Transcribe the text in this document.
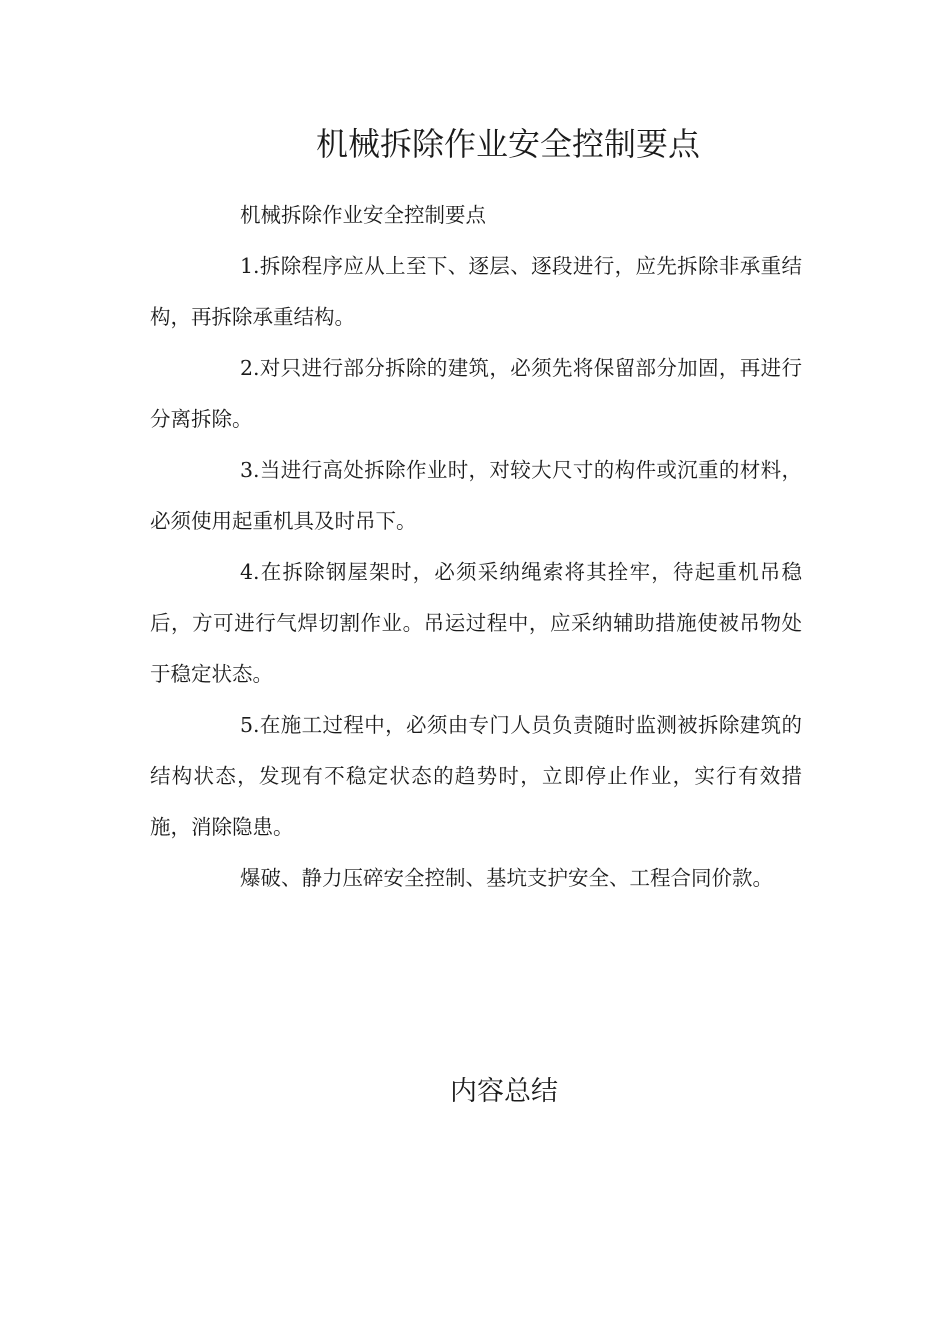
机械拆除作业安全控制要点

机械拆除作业安全控制要点

1.拆除程序应从上至下、逐层、逐段进行，应先拆除非承重结构，再拆除承重结构。

2.对只进行部分拆除的建筑，必须先将保留部分加固，再进行分离拆除。

3.当进行高处拆除作业时，对较大尺寸的构件或沉重的材料，必须使用起重机具及时吊下。

4.在拆除钢屋架时，必须采纳绳索将其拴牢，待起重机吊稳后，方可进行气焊切割作业。吊运过程中，应采纳辅助措施使被吊物处于稳定状态。

5.在施工过程中，必须由专门人员负责随时监测被拆除建筑的结构状态，发现有不稳定状态的趋势时，立即停止作业，实行有效措施，消除隐患。

爆破、静力压碎安全控制、基坑支护安全、工程合同价款。

内容总结
